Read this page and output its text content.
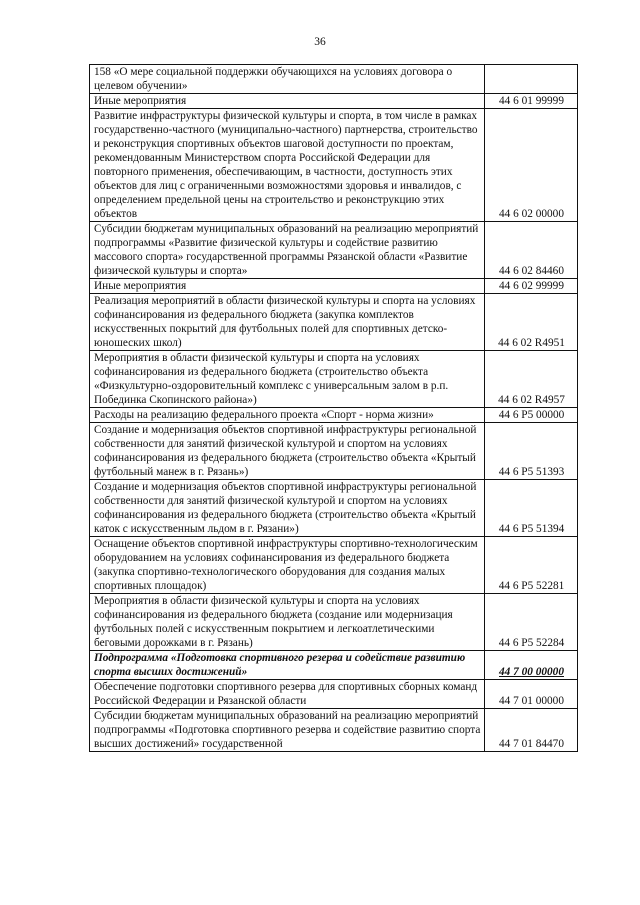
36
158 «О мере социальной поддержки обучающихся на условиях договора о целевом обучении»	
Иные мероприятия	44 6 01 99999
Развитие инфраструктуры физической культуры и спорта, в том числе в рамках государственно-частного (муниципально-частного) партнерства, строительство и реконструкция спортивных объектов шаговой доступности по проектам, рекомендованным Министерством спорта Российской Федерации для повторного применения, обеспечивающим, в частности, доступность этих объектов для лиц с ограниченными возможностями здоровья и инвалидов, с определением предельной цены на строительство и реконструкцию этих объектов	44 6 02 00000
Субсидии бюджетам муниципальных образований на реализацию мероприятий подпрограммы «Развитие физической культуры и содействие развитию массового спорта» государственной программы Рязанской области «Развитие физической культуры и спорта»	44 6 02 84460
Иные мероприятия	44 6 02 99999
Реализация мероприятий в области физической культуры и спорта на условиях софинансирования из федерального бюджета (закупка комплектов искусственных покрытий для футбольных полей для спортивных детско-юношеских школ)	44 6 02 R4951
Мероприятия в области физической культуры и спорта на условиях софинансирования из федерального бюджета (строительство объекта «Физкультурно-оздоровительный комплекс с универсальным залом в р.п. Побединка Скопинского района»)	44 6 02 R4957
Расходы на реализацию федерального проекта «Спорт - норма жизни»	44 6 P5 00000
Создание и модернизация объектов спортивной инфраструктуры региональной собственности для занятий физической культурой и спортом на условиях софинансирования из федерального бюджета (строительство объекта «Крытый футбольный манеж в г. Рязань»)	44 6 P5 51393
Создание и модернизация объектов спортивной инфраструктуры региональной собственности для занятий физической культурой и спортом на условиях софинансирования из федерального бюджета (строительство объекта «Крытый каток с искусственным льдом в г. Рязани»)	44 6 P5 51394
Оснащение объектов спортивной инфраструктуры спортивно-технологическим оборудованием на условиях софинансирования из федерального бюджета (закупка спортивно-технологического оборудования для создания малых спортивных площадок)	44 6 P5 52281
Мероприятия в области физической культуры и спорта на условиях софинансирования из федерального бюджета (создание или модернизация футбольных полей с искусственным покрытием и легкоатлетическими беговыми дорожками в г. Рязань)	44 6 P5 52284
Подпрограмма «Подготовка спортивного резерва и содействие развитию спорта высших достижений»	44 7 00 00000
Обеспечение подготовки спортивного резерва для спортивных сборных команд Российской Федерации и Рязанской области	44 7 01 00000
Субсидии бюджетам муниципальных образований на реализацию мероприятий подпрограммы «Подготовка спортивного резерва и содействие развитию спорта высших достижений» государственной	44 7 01 84470
